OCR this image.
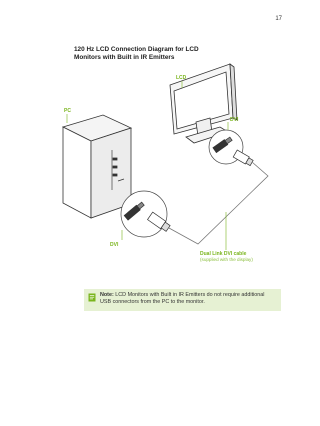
17
120 Hz LCD Connection Diagram for LCD
Monitors with Built in IR Emitters
PC
LCD
DVI
DVI
Dual Link DVI cable
(supplied with the display)
Note: LCD Monitors with Built in IR Emitters do not require additional USB connectors from the PC to the monitor.
